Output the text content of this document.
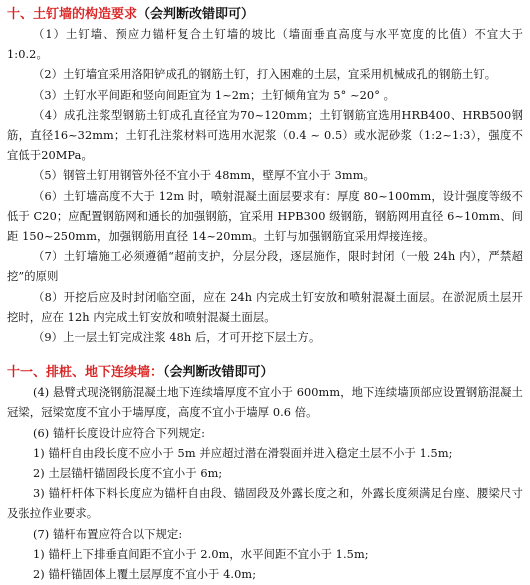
十、土钉墙的构造要求（会判断改错即可）

（1）土钉墙、预应力锚杆复合土钉墙的坡比（墙面垂直高度与水平宽度的比值）不宜大于1:0.2。

（2）土钉墙宜采用洛阳铲成孔的钢筋土钉，打入困难的土层，宜采用机械成孔的钢筋土钉。

（3）土钉水平间距和竖向间距宜为 1~2m；土钉倾角宜为 5° ~20° 。

（4）成孔注浆型钢筋土钉成孔直径宜为70~120mm；土钉钢筋宜选用HRB400、HRB500钢筋，直径16~32mm；土钉孔注浆材料可选用水泥浆（0.4 ~ 0.5）或水泥砂浆（1:2~1:3），强度不宜低于20MPa。

（5）钢管土钉用钢管外径不宜小于 48mm，壁厚不宜小于 3mm。

（6）土钉墙高度不大于 12m 时，喷射混凝土面层要求有：厚度 80~100mm，设计强度等级不低于 C20；应配置钢筋网和通长的加强钢筋，宜采用 HPB300 级钢筋，钢筋网用直径 6~10mm、间距 150~250mm，加强钢筋用直径 14~20mm。土钉与加强钢筋宜采用焊接连接。

（7）土钉墙施工必须遵循“超前支护，分层分段，逐层施作，限时封闭（一般 24h 内），严禁超挖”的原则

（8）开挖后应及时封闭临空面，应在 24h 内完成土钉安放和喷射混凝土面层。在淤泥质土层开挖时，应在 12h 内完成土钉安放和喷射混凝土面层。

（9）上一层土钉完成注浆 48h 后，才可开挖下层土方。

十一、排桩、地下连续墙：（会判断改错即可）

(4) 悬臂式现浇钢筋混凝土地下连续墙厚度不宜小于 600mm，地下连续墙顶部应设置钢筋混凝土冠梁，冠梁宽度不宜小于墙厚度，高度不宜小于墙厚 0.6 倍。

(6) 锚杆长度设计应符合下列规定:

1) 锚杆自由段长度不应小于 5m 并应超过潜在滑裂面并进入稳定土层不小于 1.5m;

2) 土层锚杆锚固段长度不宜小于 6m;

3) 锚杆杆体下料长度应为锚杆自由段、锚固段及外露长度之和，外露长度须满足台座、腰梁尺寸及张拉作业要求。

(7) 锚杆布置应符合以下规定:

1) 锚杆上下排垂直间距不宜小于 2.0m，水平间距不宜小于 1.5m;

2) 锚杆锚固体上覆土层厚度不宜小于 4.0m;
